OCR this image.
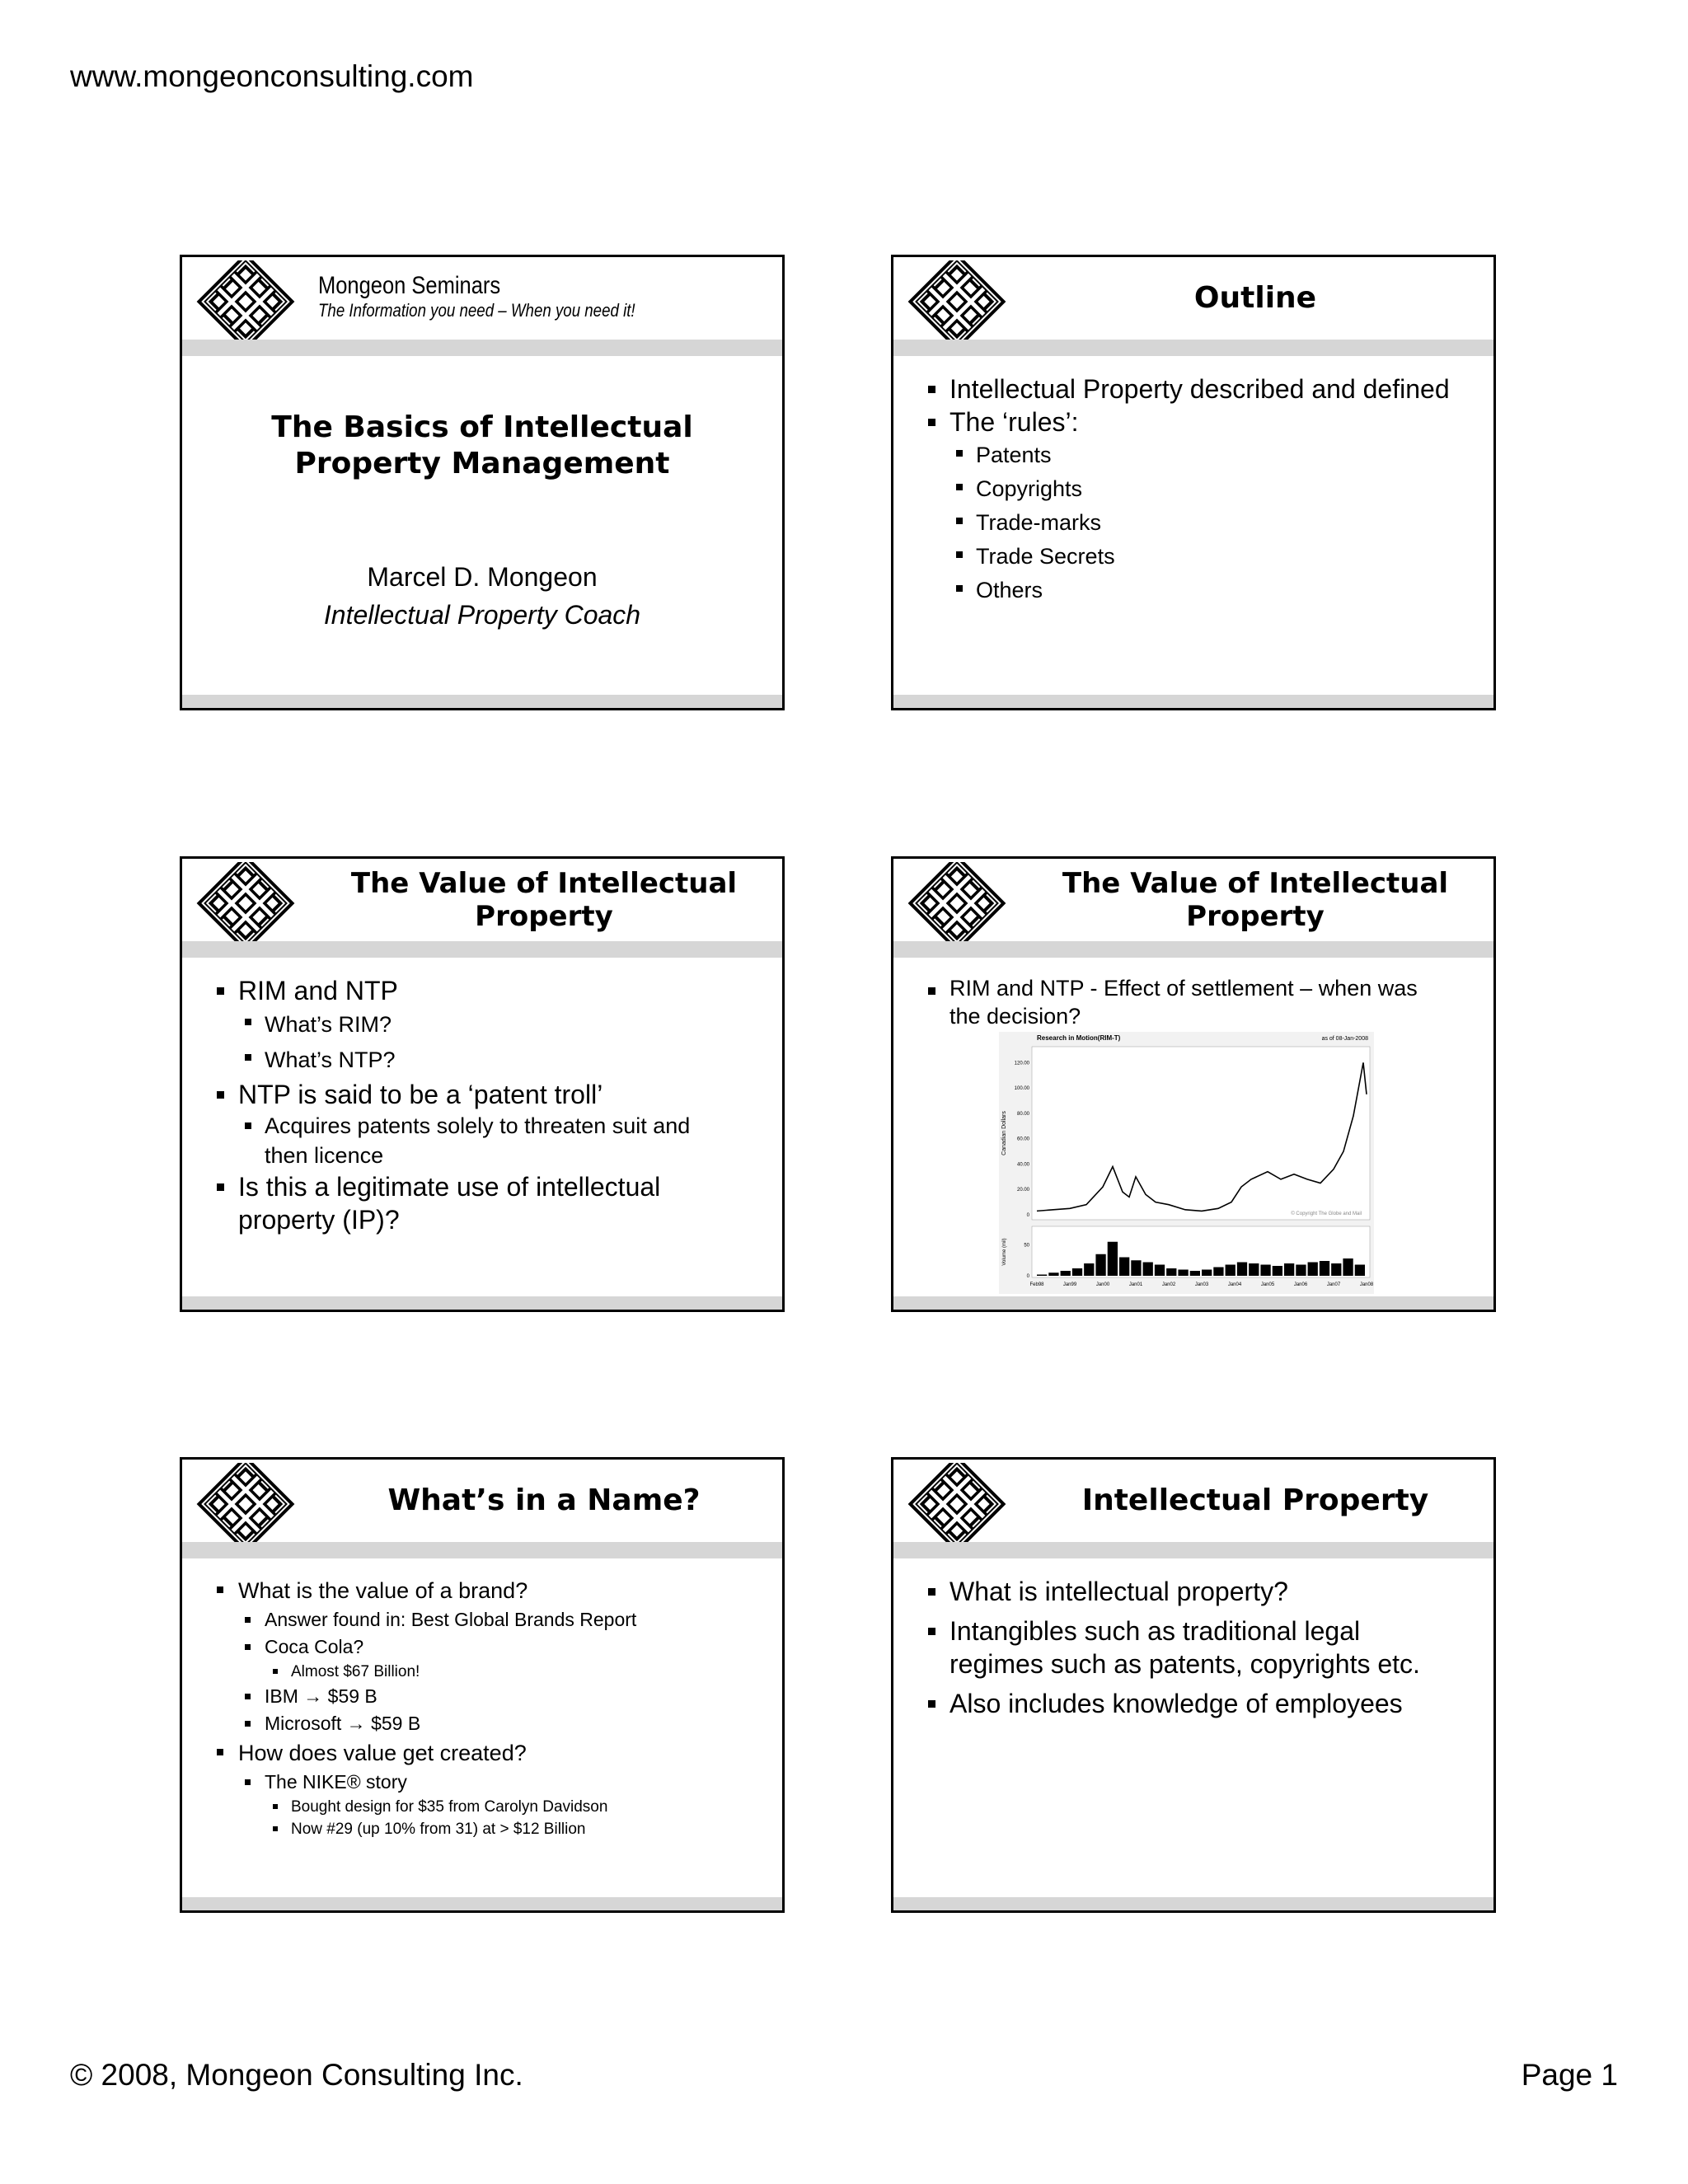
www.mongeonconsulting.com
Mongeon Seminars
The Information you need – When you need it!
The Basics of Intellectual
Property Management
Marcel D. Mongeon
Intellectual Property Coach
Outline
Intellectual Property described and defined
The ‘rules’:
Patents
Copyrights
Trade-marks
Trade Secrets
Others
The Value of Intellectual
Property
RIM and NTP
What’s RIM?
What’s NTP?
NTP is said to be a ‘patent troll’
Acquires patents solely to threaten suit and then licence
Is this a legitimate use of intellectual property (IP)?
The Value of Intellectual
Property
RIM and NTP - Effect of settlement – when was the decision?
Research in Motion(RIM-T)	as of 08-Jan-2008
0
20.00
40.00
60.00
80.00
100.00
120.00
Canadian Dollars
© Copyright The Globe and Mail
0
50
Volume (mil)
Feb98	Jan99	Jan00	Jan01	Jan02	Jan03	Jan04	Jan05	Jan06	Jan07	Jan08
What’s in a Name?
What is the value of a brand?
Answer found in: Best Global Brands Report
Coca Cola?
Almost $67 Billion!
IBM → $59 B
Microsoft → $59 B
How does value get created?
The NIKE® story
Bought design for $35 from Carolyn Davidson
Now #29 (up 10% from 31) at > $12 Billion
Intellectual Property
What is intellectual property?
Intangibles such as traditional legal regimes such as patents, copyrights etc.
Also includes knowledge of employees
© 2008, Mongeon Consulting Inc.	Page 1
